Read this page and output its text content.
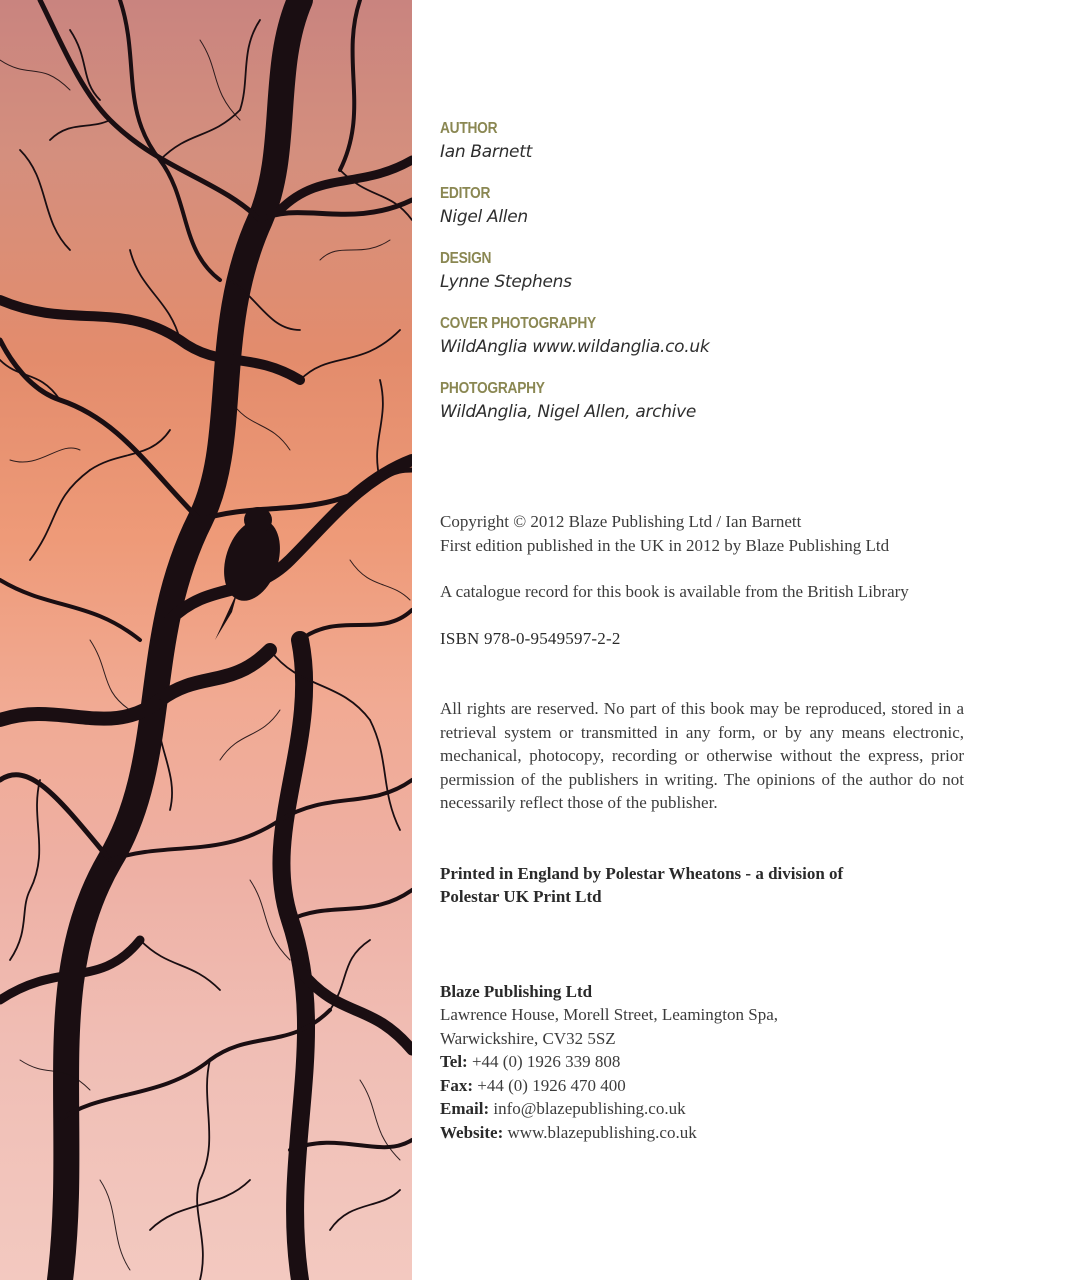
AUTHOR
Ian Barnett
EDITOR
Nigel Allen
DESIGN
Lynne Stephens
COVER PHOTOGRAPHY
WildAnglia www.wildanglia.co.uk
PHOTOGRAPHY
WildAnglia, Nigel Allen, archive
Copyright © 2012 Blaze Publishing Ltd / Ian Barnett
First edition published in the UK in 2012 by Blaze Publishing Ltd
A catalogue record for this book is available from the British Library
ISBN 978-0-9549597-2-2
All rights are reserved. No part of this book may be reproduced, stored in a retrieval system or transmitted in any form, or by any means electronic, mechanical, photocopy, recording or otherwise without the express, prior permission of the publishers in writing. The opinions of the author do not necessarily reflect those of the publisher.
Printed in England by Polestar Wheatons - a division of
Polestar UK Print Ltd
Blaze Publishing Ltd
Lawrence House, Morell Street, Leamington Spa,
Warwickshire, CV32 5SZ
Tel: +44 (0) 1926 339 808
Fax: +44 (0) 1926 470 400
Email: info@blazepublishing.co.uk
Website: www.blazepublishing.co.uk
